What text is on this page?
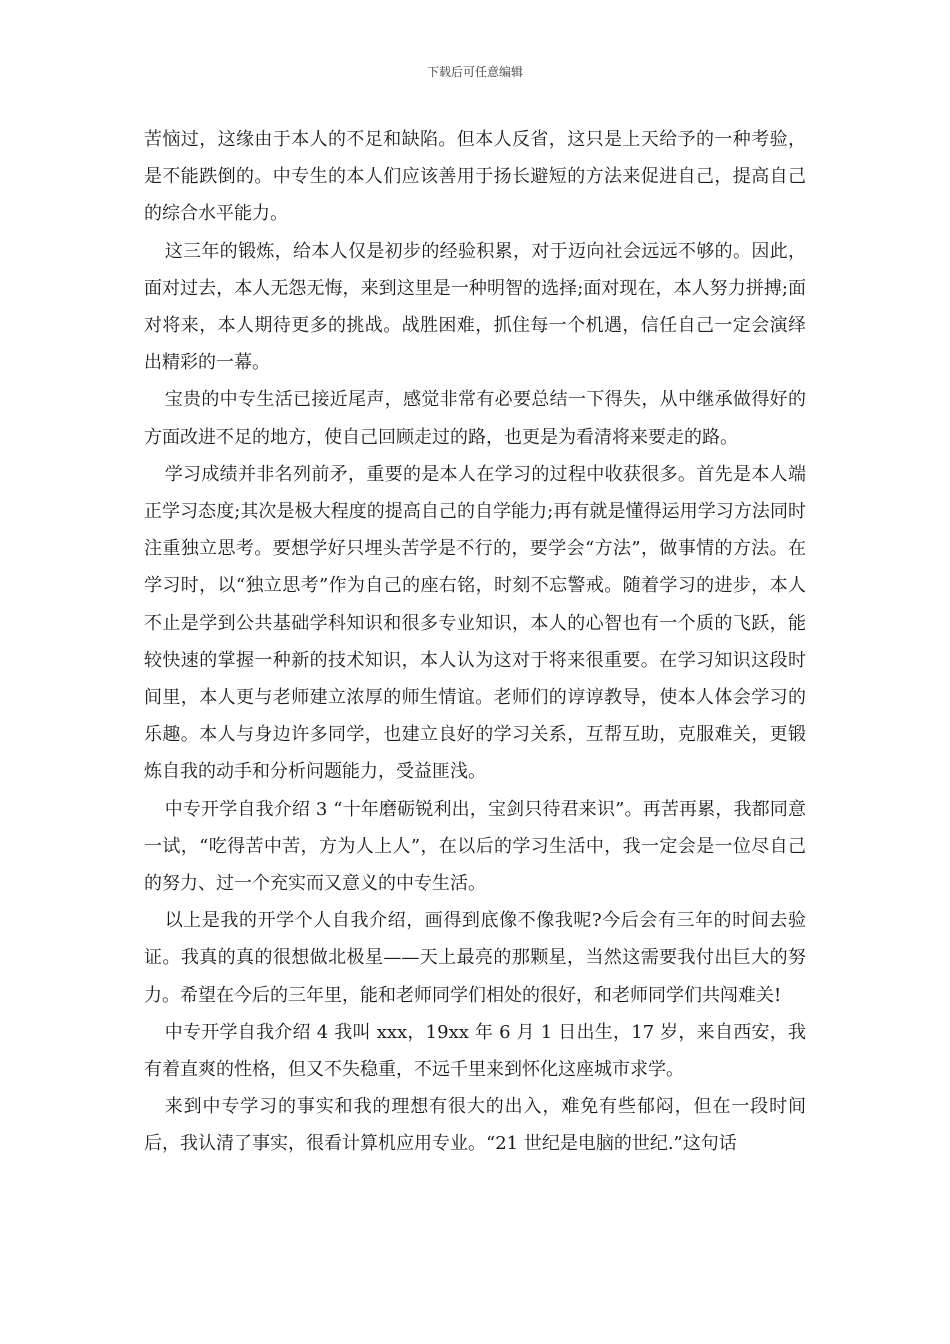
下载后可任意编辑

苦恼过，这缘由于本人的不足和缺陷。但本人反省，这只是上天给予的一种考验，是不能跌倒的。中专生的本人们应该善用于扬长避短的方法来促进自己，提高自己的综合水平能力。

这三年的锻炼，给本人仅是初步的经验积累，对于迈向社会远远不够的。因此，面对过去，本人无怨无悔，来到这里是一种明智的选择;面对现在，本人努力拼搏;面对将来，本人期待更多的挑战。战胜困难，抓住每一个机遇，信任自己一定会演绎出精彩的一幕。

宝贵的中专生活已接近尾声，感觉非常有必要总结一下得失，从中继承做得好的方面改进不足的地方，使自己回顾走过的路，也更是为看清将来要走的路。

学习成绩并非名列前矛，重要的是本人在学习的过程中收获很多。首先是本人端正学习态度;其次是极大程度的提高自己的自学能力;再有就是懂得运用学习方法同时注重独立思考。要想学好只埋头苦学是不行的，要学会“方法”，做事情的方法。在学习时，以“独立思考”作为自己的座右铭，时刻不忘警戒。随着学习的进步，本人不止是学到公共基础学科知识和很多专业知识，本人的心智也有一个质的飞跃，能较快速的掌握一种新的技术知识，本人认为这对于将来很重要。在学习知识这段时间里，本人更与老师建立浓厚的师生情谊。老师们的谆谆教导，使本人体会学习的乐趣。本人与身边许多同学，也建立良好的学习关系，互帮互助，克服难关，更锻炼自我的动手和分析问题能力，受益匪浅。

中专开学自我介绍 3 “十年磨砺锐利出，宝剑只待君来识”。再苦再累，我都同意一试，“吃得苦中苦，方为人上人”，在以后的学习生活中，我一定会是一位尽自己的努力、过一个充实而又意义的中专生活。

以上是我的开学个人自我介绍，画得到底像不像我呢?今后会有三年的时间去验证。我真的真的很想做北极星——天上最亮的那颗星，当然这需要我付出巨大的努力。希望在今后的三年里，能和老师同学们相处的很好，和老师同学们共闯难关!

中专开学自我介绍 4 我叫 xxx，19xx 年 6 月 1 日出生，17 岁，来自西安，我有着直爽的性格，但又不失稳重，不远千里来到怀化这座城市求学。

来到中专学习的事实和我的理想有很大的出入，难免有些郁闷，但在一段时间后，我认清了事实，很看计算机应用专业。“21 世纪是电脑的世纪.”这句话
